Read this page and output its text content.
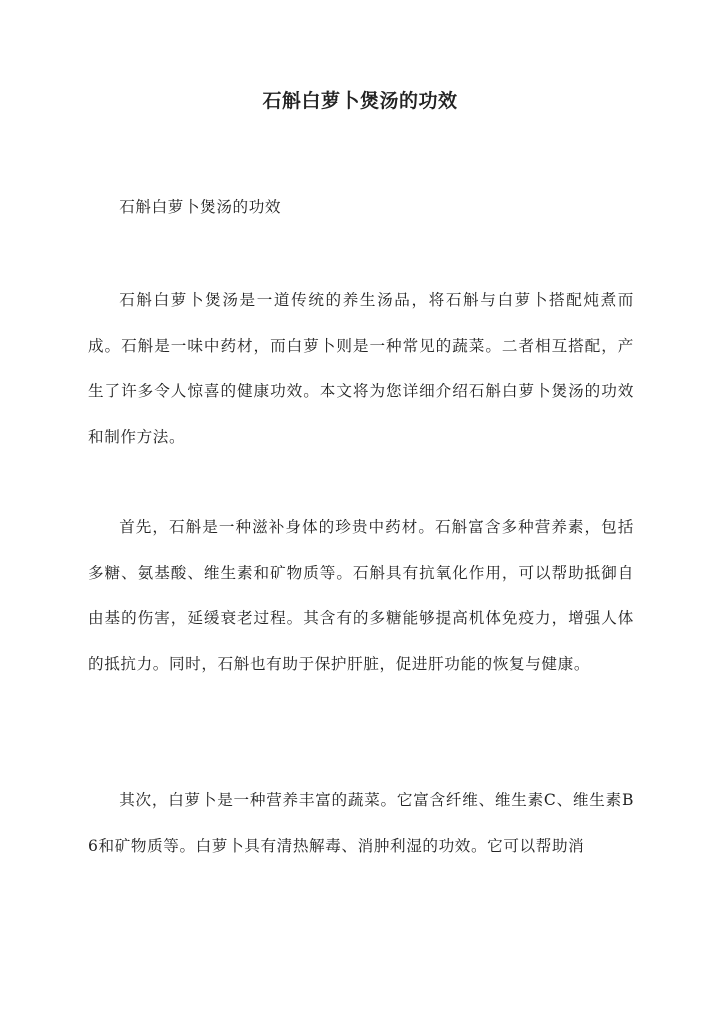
石斛白萝卜煲汤的功效

石斛白萝卜煲汤的功效

石斛白萝卜煲汤是一道传统的养生汤品，将石斛与白萝卜搭配炖煮而成。石斛是一味中药材，而白萝卜则是一种常见的蔬菜。二者相互搭配，产生了许多令人惊喜的健康功效。本文将为您详细介绍石斛白萝卜煲汤的功效和制作方法。

首先，石斛是一种滋补身体的珍贵中药材。石斛富含多种营养素，包括多糖、氨基酸、维生素和矿物质等。石斛具有抗氧化作用，可以帮助抵御自由基的伤害，延缓衰老过程。其含有的多糖能够提高机体免疫力，增强人体的抵抗力。同时，石斛也有助于保护肝脏，促进肝功能的恢复与健康。

其次，白萝卜是一种营养丰富的蔬菜。它富含纤维、维生素C、维生素B6和矿物质等。白萝卜具有清热解毒、消肿利湿的功效。它可以帮助消
